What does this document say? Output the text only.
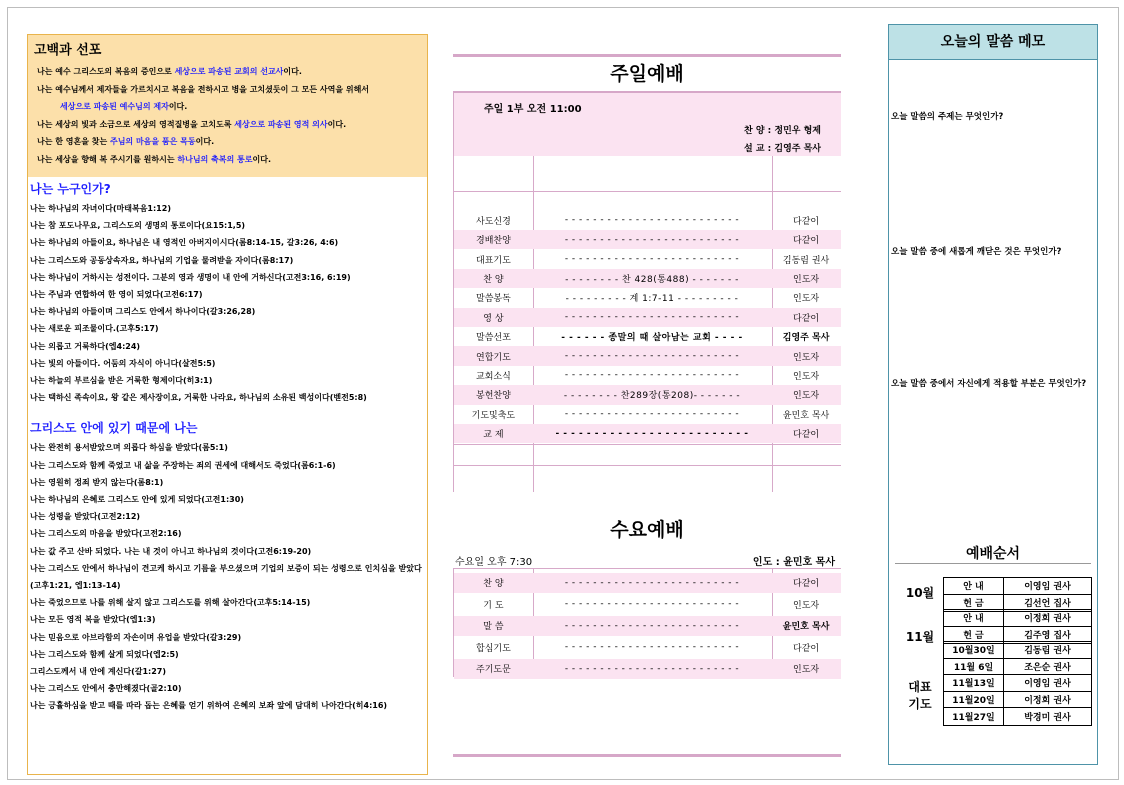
고백과 선포
나는 예수 그리스도의 복음의 증인으로 세상으로 파송된 교회의 선교사이다.
나는 예수님께서 제자들을 가르치시고 복음을 전하시고 병을 고치셨듯이 그 모든 사역을 위해서
세상으로 파송된 예수님의 제자이다.
나는 세상의 빛과 소금으로 세상의 영적질병을 고치도록 세상으로 파송된 영적 의사이다.
나는 한 영혼을 찾는 주님의 마음을 품은 목동이다.
나는 세상을 향해 복 주시기를 원하시는 하나님의 축복의 통로이다.
나는 누구인가?
나는 하나님의 자녀이다(마태복음1:12)
나는 참 포도나무요, 그리스도의 생명의 통로이다(요15:1,5)
나는 하나님의 아들이요, 하나님은 내 영적인 아버지이시다(롬8:14-15, 갈3:26, 4:6)
나는 그리스도와 공동상속자요, 하나님의 기업을 물려받을 자이다(롬8:17)
나는 하나님이 거하시는 성전이다. 그분의 영과 생명이 내 안에 거하신다(고전3:16, 6:19)
나는 주님과 연합하여 한 영이 되었다(고전6:17)
나는 하나님의 아들이며 그리스도 안에서 하나이다(갈3:26,28)
나는 새로운 피조물이다.(고후5:17)
나는 의롭고 거룩하다(엡4:24)
나는 빛의 아들이다. 어둠의 자식이 아니다(살전5:5)
나는 하늘의 부르심을 받은 거룩한 형제이다(히3:1)
나는 택하신 족속이요, 왕 같은 제사장이요, 거룩한 나라요, 하나님의 소유된 백성이다(벧전5:8)
그리스도 안에 있기 때문에 나는
나는 완전히 용서받았으며 의롭다 하심을 받았다(롬5:1)
나는 그리스도와 함께 죽었고 내 삶을 주장하는 죄의 권세에 대해서도 죽었다(롬6:1-6)
나는 영원히 정죄 받지 않는다(롬8:1)
나는 하나님의 은혜로 그리스도 안에 있게 되었다(고전1:30)
나는 성령을 받았다(고전2:12)
나는 그리스도의 마음을 받았다(고전2:16)
나는 값 주고 산바 되었다. 나는 내 것이 아니고 하나님의 것이다(고전6:19-20)
나는 그리스도 안에서 하나님이 견고케 하시고 기름을 부으셨으며 기업의 보증이 되는 성령으로 인치심을 받았다(고후1:21, 엡1:13-14)
나는 죽었으므로 나를 위해 살지 않고 그리스도를 위해 살아간다(고후5:14-15)
나는 모든 영적 복을 받았다(엡1:3)
나는 믿음으로 아브라함의 자손이며 유업을 받았다(갈3:29)
나는 그리스도와 함께 살게 되었다(엡2:5)
그리스도께서 내 안에 계신다(갈1:27)
나는 그리스도 안에서 충만해졌다(골2:10)
나는 긍휼하심을 받고 때를 따라 돕는 은혜를 얻기 위하여 은혜의 보좌 앞에 담대히 나아간다(히4:16)
주일예배
주일 1부 오전 11:00
찬 양 : 정민우 형제
설 교 : 김영주 목사
사도신경	- - - - - - - - - - - - - - - - - - - - - - - - -	다같이
경배찬양	- - - - - - - - - - - - - - - - - - - - - - - - -	다같이
대표기도	- - - - - - - - - - - - - - - - - - - - - - - - -	김동림 권사
찬 양	- - - - - - - - 찬 428(통488) - - - - - - -	인도자
말씀봉독	- - - - - - - - - 계 1:7-11 - - - - - - - - -	인도자
영 상	- - - - - - - - - - - - - - - - - - - - - - - - -	다같이
말씀선포	- - - - - - 종말의 때 살아남는 교회 - - - -	김영주 목사
연합기도	- - - - - - - - - - - - - - - - - - - - - - - - -	인도자
교회소식	- - - - - - - - - - - - - - - - - - - - - - - - -	인도자
봉헌찬양	- - - - - - - - 찬289장(통208)- - - - - - -	인도자
기도및축도	- - - - - - - - - - - - - - - - - - - - - - - - -	윤민호 목사
교 제	- - - - - - - - - - - - - - - - - - - - - - - - -	다같이
수요예배
수요일 오후 7:30	인도 : 윤민호 목사
찬 양	- - - - - - - - - - - - - - - - - - - - - - - - -	다같이
기 도	- - - - - - - - - - - - - - - - - - - - - - - - -	인도자
말 씀	- - - - - - - - - - - - - - - - - - - - - - - - -	윤민호 목사
합심기도	- - - - - - - - - - - - - - - - - - - - - - - - -	다같이
주기도문	- - - - - - - - - - - - - - - - - - - - - - - - -	인도자
오늘의 말씀 메모
오늘 말씀의 주제는 무엇인가?
오늘 말씀 중에 새롭게 깨닫은 것은 무엇인가?
오늘 말씀 중에서 자신에게 적용할 부분은 무엇인가?
예배순서
10월	안 내	이영임 권사
헌 금	김선언 집사
11월
안 내	이정희 권사
헌 금	김주영 집사
대표
기도
10월30일	김동림 권사
11월 6일	조은순 권사
11월13일	이영임 권사
11월20일	이정희 권사
11월27일	박경미 권사
